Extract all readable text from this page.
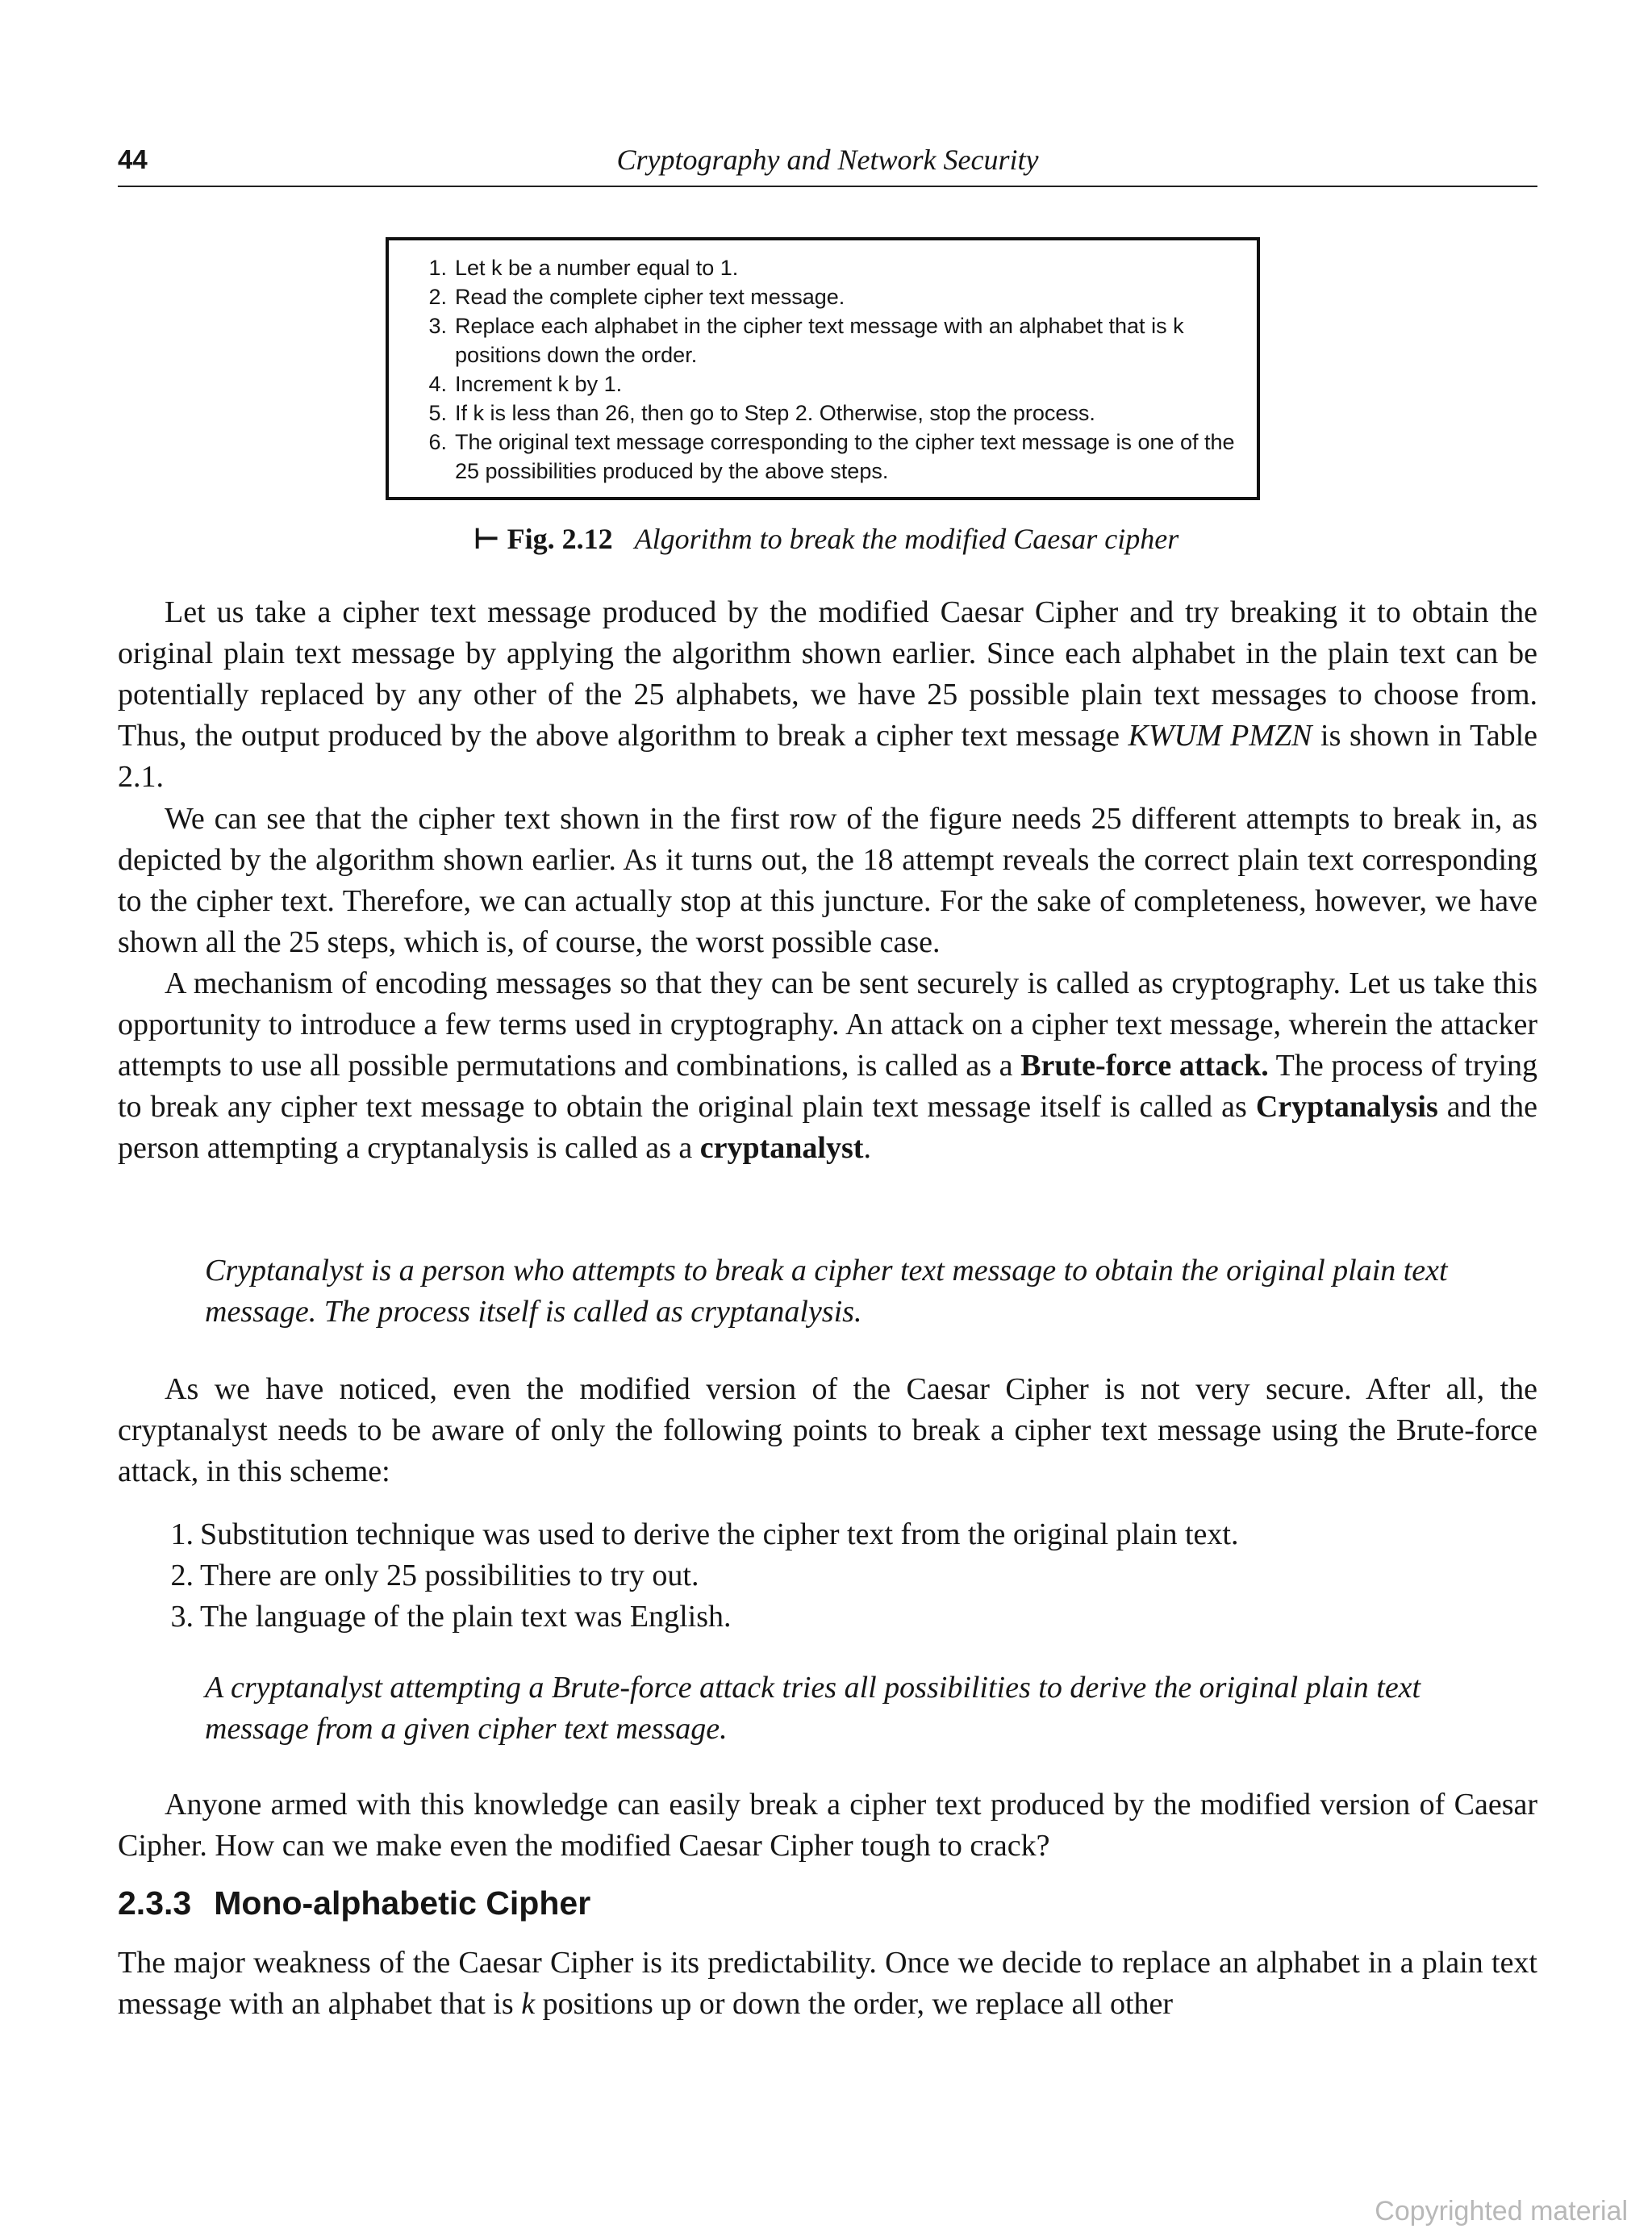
44	Cryptography and Network Security
1. Let k be a number equal to 1.
2. Read the complete cipher text message.
3. Replace each alphabet in the cipher text message with an alphabet that is k positions down the order.
4. Increment k by 1.
5. If k is less than 26, then go to Step 2. Otherwise, stop the process.
6. The original text message corresponding to the cipher text message is one of the 25 possibilities produced by the above steps.
⊢ Fig. 2.12 Algorithm to break the modified Caesar cipher

Let us take a cipher text message produced by the modified Caesar Cipher and try breaking it to obtain the original plain text message by applying the algorithm shown earlier. Since each alphabet in the plain text can be potentially replaced by any other of the 25 alphabets, we have 25 possible plain text messages to choose from. Thus, the output produced by the above algorithm to break a cipher text message KWUM PMZN is shown in Table 2.1.

We can see that the cipher text shown in the first row of the figure needs 25 different attempts to break in, as depicted by the algorithm shown earlier. As it turns out, the 18 attempt reveals the correct plain text corresponding to the cipher text. Therefore, we can actually stop at this juncture. For the sake of completeness, however, we have shown all the 25 steps, which is, of course, the worst possible case.

A mechanism of encoding messages so that they can be sent securely is called as cryptography. Let us take this opportunity to introduce a few terms used in cryptography. An attack on a cipher text message, wherein the attacker attempts to use all possible permutations and combinations, is called as a Brute-force attack. The process of trying to break any cipher text message to obtain the original plain text message itself is called as Cryptanalysis and the person attempting a cryptanalysis is called as a cryptanalyst.

Cryptanalyst is a person who attempts to break a cipher text message to obtain the original plain text message. The process itself is called as cryptanalysis.

As we have noticed, even the modified version of the Caesar Cipher is not very secure. After all, the cryptanalyst needs to be aware of only the following points to break a cipher text message using the Brute-force attack, in this scheme:

1. Substitution technique was used to derive the cipher text from the original plain text.
2. There are only 25 possibilities to try out.
3. The language of the plain text was English.

A cryptanalyst attempting a Brute-force attack tries all possibilities to derive the original plain text message from a given cipher text message.

Anyone armed with this knowledge can easily break a cipher text produced by the modified version of Caesar Cipher. How can we make even the modified Caesar Cipher tough to crack?

2.3.3 Mono-alphabetic Cipher

The major weakness of the Caesar Cipher is its predictability. Once we decide to replace an alphabet in a plain text message with an alphabet that is k positions up or down the order, we replace all other

Copyrighted material
